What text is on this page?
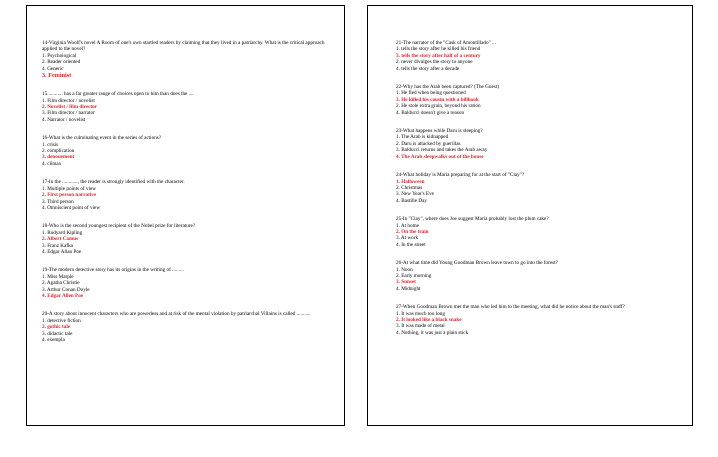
14-Virginia Woolf's novel A Room of one's own startled readers by claiming that they lived in a patriarchy. What is the critical approach applied to the novel?
1. Psychological
2. Reader oriented
4. Generic
3. Feminist
15............ has a far greater range of choices open to him than does the ....
1. Film director / novelist
2. Novelist / film director
3. Film director / narrator
4. Narrator / novelist
16-What is the culminating event in the series of actions?
1. crisis
2. complication
3. denouement
4. climax
17-In the ............, the reader is strongly identified with the character.
1. Multiple points of view
2. First person narrative
3. Third person
4. Omniscient point of view
18-Who is the second youngest recipient of the Nobel prize for literature?
1. Rudyard Kipling
2. Albert Camus
3. Franz Kafka
4. Edgar Allan Poe
19-The modern detective story has its origins in the writing of .........
1. Miss Marple
2. Agatha Christie
3. Arthur Conan Doyle
4. Edgar Allen Poe
20-A story about innocent characters who are powerless and at risk of the mental violation by patriarchal Villains is called ...........
1. detective fiction
2. gothic tale
3. didactic tale
4. exempla
21-The narrator of the "Cask of Amontillado" ...
1. tells the story after he killed his friend
3. tells the story after half of a century
2. never divulges the story to anyone
4. tells the story after a decade
22-Why has the Arab been captured? (The Guest)
1. He fled when being questioned
3. He killed his cousin with a billhook
2. He stole extra grain, beyond his ration
4. Balducci doesn't give a reason
23-What happens while Daru is sleeping?
1. The Arab is kidnapped
2. Daru is attacked by guerillas
3. Balducci returns and takes the Arab away
4. The Arab sleepwalks out of the house
24-What holiday is Maria preparing for at the start of "Clay"?
1. Halloween
2. Christmas
3. New Year's Eve
4. Bastille Day
25-In "Clay", where does Joe suggest Maria probably lost the plum cake?
1. At home
2. On the train
3. At work
4. In the street
26-At what time did Young Goodman Brown leave town to go into the forest?
1. Noon
2. Early morning
3. Sunset
4. Midnight
27-When Goodman Brown met the man who led him to the meeting, what did he notice about the man's staff?
1. It was much too long
2. It looked like a black snake
3. It was made of metal
4. Nothing, it was just a plain stick
